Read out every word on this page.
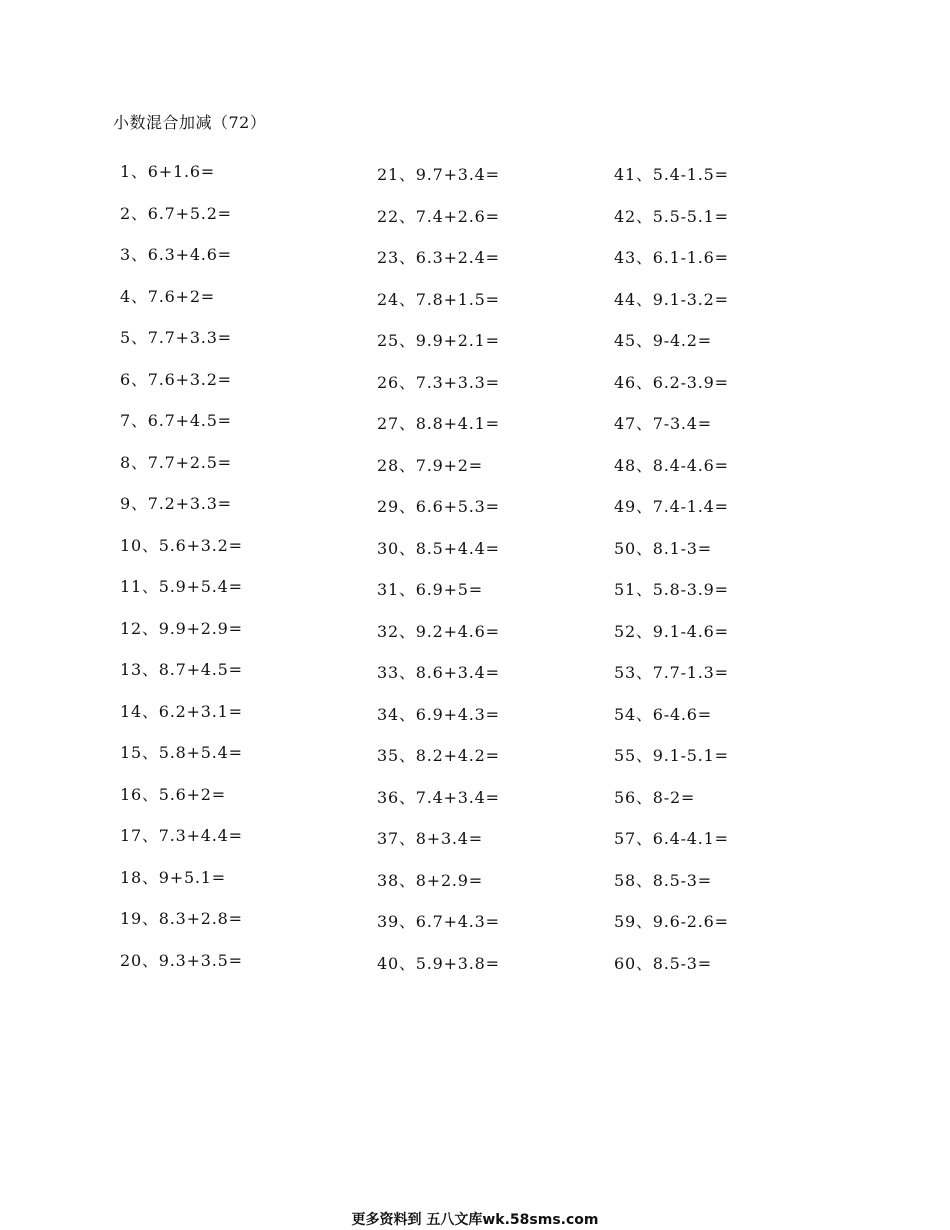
小数混合加减（72）
1、6+1.6=
2、6.7+5.2=
3、6.3+4.6=
4、7.6+2=
5、7.7+3.3=
6、7.6+3.2=
7、6.7+4.5=
8、7.7+2.5=
9、7.2+3.3=
10、5.6+3.2=
11、5.9+5.4=
12、9.9+2.9=
13、8.7+4.5=
14、6.2+3.1=
15、5.8+5.4=
16、5.6+2=
17、7.3+4.4=
18、9+5.1=
19、8.3+2.8=
20、9.3+3.5=
21、9.7+3.4=
22、7.4+2.6=
23、6.3+2.4=
24、7.8+1.5=
25、9.9+2.1=
26、7.3+3.3=
27、8.8+4.1=
28、7.9+2=
29、6.6+5.3=
30、8.5+4.4=
31、6.9+5=
32、9.2+4.6=
33、8.6+3.4=
34、6.9+4.3=
35、8.2+4.2=
36、7.4+3.4=
37、8+3.4=
38、8+2.9=
39、6.7+4.3=
40、5.9+3.8=
41、5.4-1.5=
42、5.5-5.1=
43、6.1-1.6=
44、9.1-3.2=
45、9-4.2=
46、6.2-3.9=
47、7-3.4=
48、8.4-4.6=
49、7.4-1.4=
50、8.1-3=
51、5.8-3.9=
52、9.1-4.6=
53、7.7-1.3=
54、6-4.6=
55、9.1-5.1=
56、8-2=
57、6.4-4.1=
58、8.5-3=
59、9.6-2.6=
60、8.5-3=
更多资料到 五八文库wk.58sms.com
